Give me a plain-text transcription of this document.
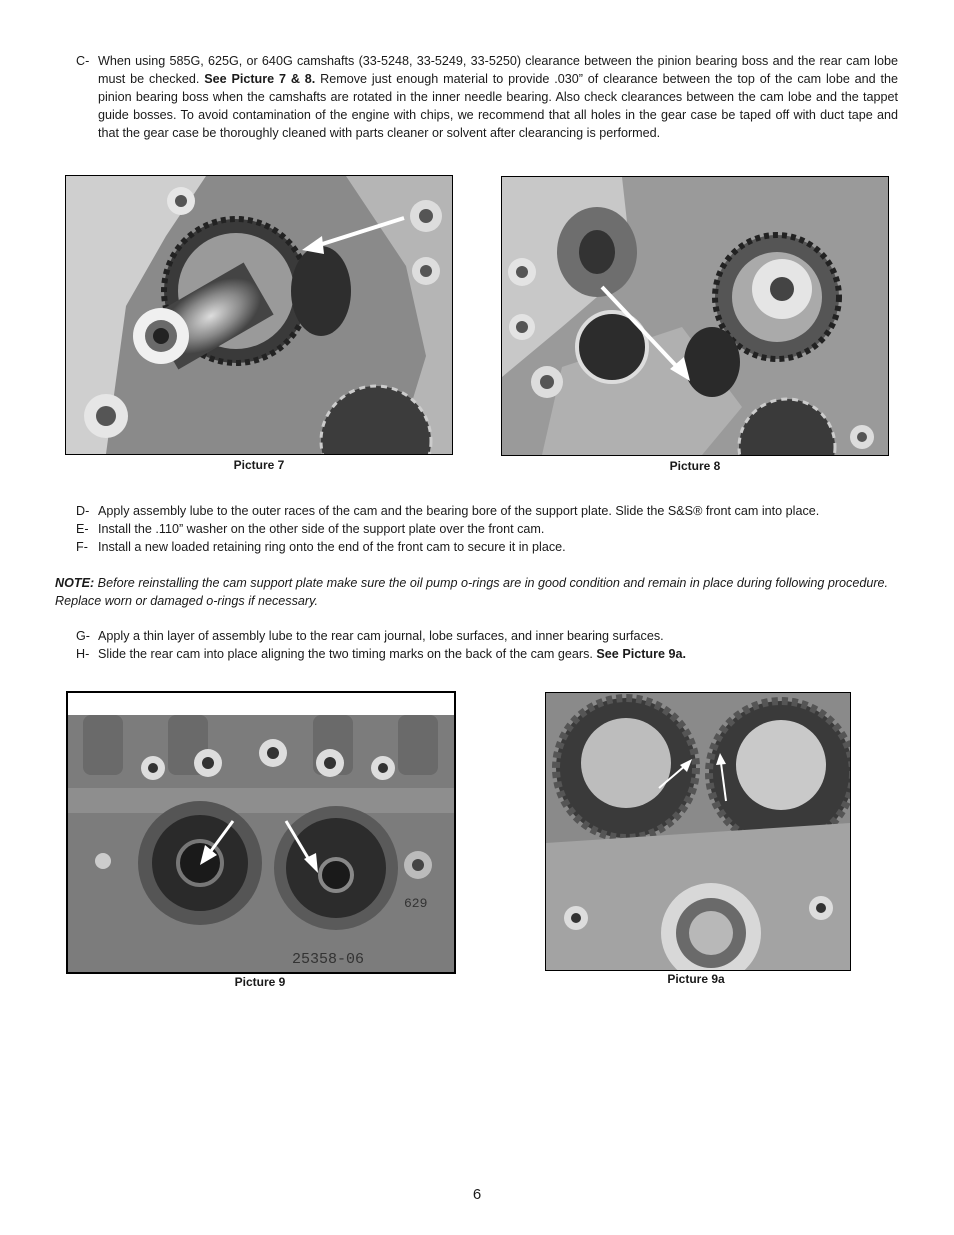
C- When using 585G, 625G, or 640G camshafts (33-5248, 33-5249, 33-5250) clearance between the pinion bearing boss and the rear cam lobe must be checked. See Picture 7 & 8. Remove just enough material to provide .030” of clearance between the top of the cam lobe and the pinion bearing boss when the camshafts are rotated in the inner needle bearing. Also check clearances between the cam lobe and the tappet guide bosses. To avoid contamination of the engine with chips, we recommend that all holes in the gear case be taped off with duct tape and that the gear case be thoroughly cleaned with parts cleaner or solvent after clearancing is performed.
Picture 7	Picture 8
D- Apply assembly lube to the outer races of the cam and the bearing bore of the support plate. Slide the S&S® front cam into place.
E- Install the .110” washer on the other side of the support plate over the front cam.
F- Install a new loaded retaining ring onto the end of the front cam to secure it in place.
NOTE: Before reinstalling the cam support plate make sure the oil pump o-rings are in good condition and remain in place during following procedure. Replace worn or damaged o-rings if necessary.
G- Apply a thin layer of assembly lube to the rear cam journal, lobe surfaces, and inner bearing surfaces.
H- Slide the rear cam into place aligning the two timing marks on the back of the cam gears. See Picture 9a.
25358-06
629
Picture 9	Picture 9a
6
